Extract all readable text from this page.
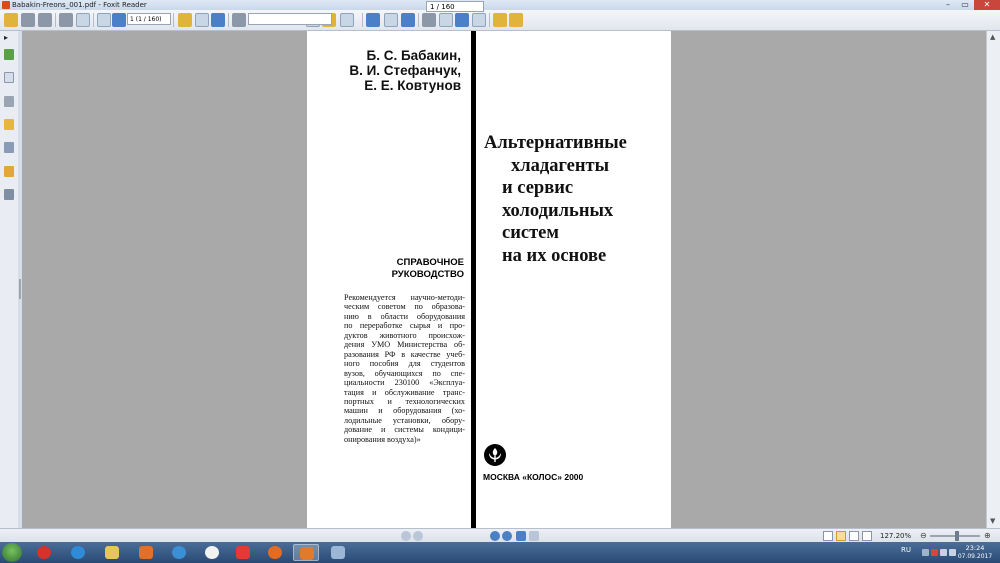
Babakin-Freons_001.pdf - Foxit Reader	–	▭	✕
1 (1 / 160)
▸	▲
▼
Б. С. Бабакин,
В. И. Стефанчук,
Е. Е. Ковтунов
Альтернативные
хладагенты
и сервис
холодильных
систем
на их основе
СПРАВОЧНОЕ
РУКОВОДСТВО
Рекомендуется научно-методи-
ческим советом по образова-
нию в области оборудования
по переработке сырья и про-
дуктов животного происхож-
дения УМО Министерства об-
разования РФ в качестве учеб-
ного пособия для студентов
вузов, обучающихся по спе-
циальности 230100 «Эксплуа-
тация и обслуживание транс-
портных и технологических
машин и оборудования (хо-
лодильные установки, обору-
дование и системы кондици-
онирования воздуха)»
МОСКВА «КОЛОС» 2000
127.20% ⊖	⊕
1 / 160
RU	23:24
07.09.2017
